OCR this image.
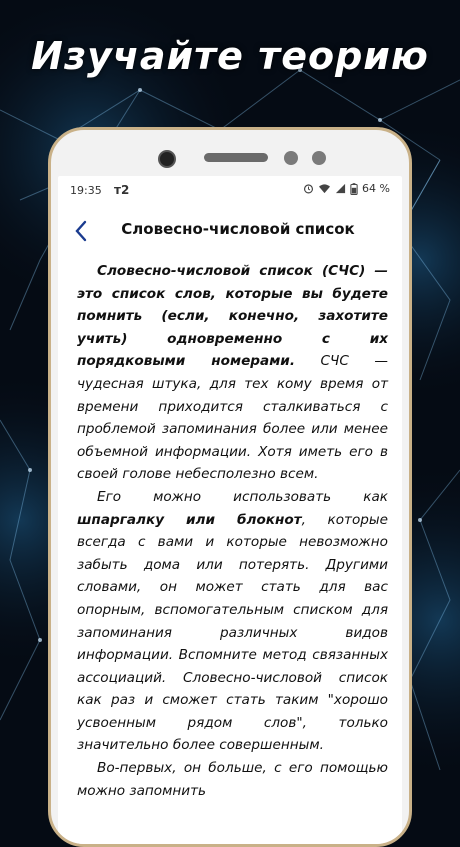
Изучайте теорию
19:35 т2	64 %
Словесно-числовой список

Словесно-числовой список (СЧС) — это список слов, которые вы будете помнить (если, конечно, захотите учить) одновременно с их порядковыми номерами. СЧС — чудесная штука, для тех кому время от времени приходится сталкиваться с проблемой запоминания более или менее объемной информации. Хотя иметь его в своей голове небесполезно всем.

Его можно использовать как шпаргалку или блокнот, которые всегда с вами и которые невозможно забыть дома или потерять. Другими словами, он может стать для вас опорным, вспомогательным списком для запоминания различных видов информации. Вспомните метод связанных ассоциаций. Словесно-числовой список как раз и сможет стать таким "хорошо усвоенным рядом слов", только значительно более совершенным.

Во-первых, он больше, с его помощью можно запомнить
